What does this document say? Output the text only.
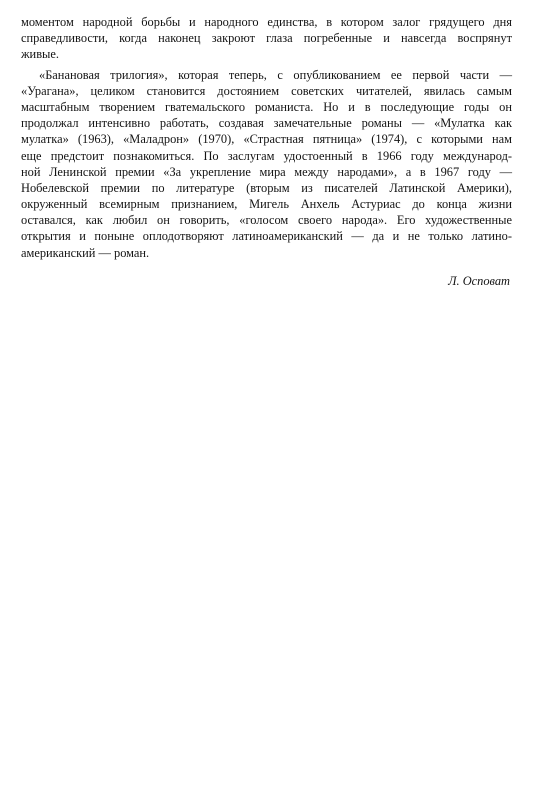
моментом народной борьбы и народного единства, в котором залог грядущего дня
справедливости, когда наконец закроют глаза погребенные и навсегда воспрянут
живые.
«Банановая трилогия», которая теперь, с опубликованием ее первой части —
«Урагана», целиком становится достоянием советских читателей, явилась самым
масштабным творением гватемальского романиста. Но и в последующие годы он
продолжал интенсивно работать, создавая замечательные романы — «Мулатка как
мулатка» (1963), «Маладрон» (1970), «Страстная пятница» (1974), с которыми нам
еще предстоит познакомиться. По заслугам удостоенный в 1966 году международ-
ной Ленинской премии «За укрепление мира между народами», а в 1967 году —
Нобелевской премии по литературе (вторым из писателей Латинской Америки),
окруженный всемирным признанием, Мигель Анхель Астуриас до конца жизни
оставался, как любил он говорить, «голосом своего народа». Его художественные
открытия и поныне оплодотворяют латиноамериканский — да и не только латино-
американский — роман.
Л. Осповат
